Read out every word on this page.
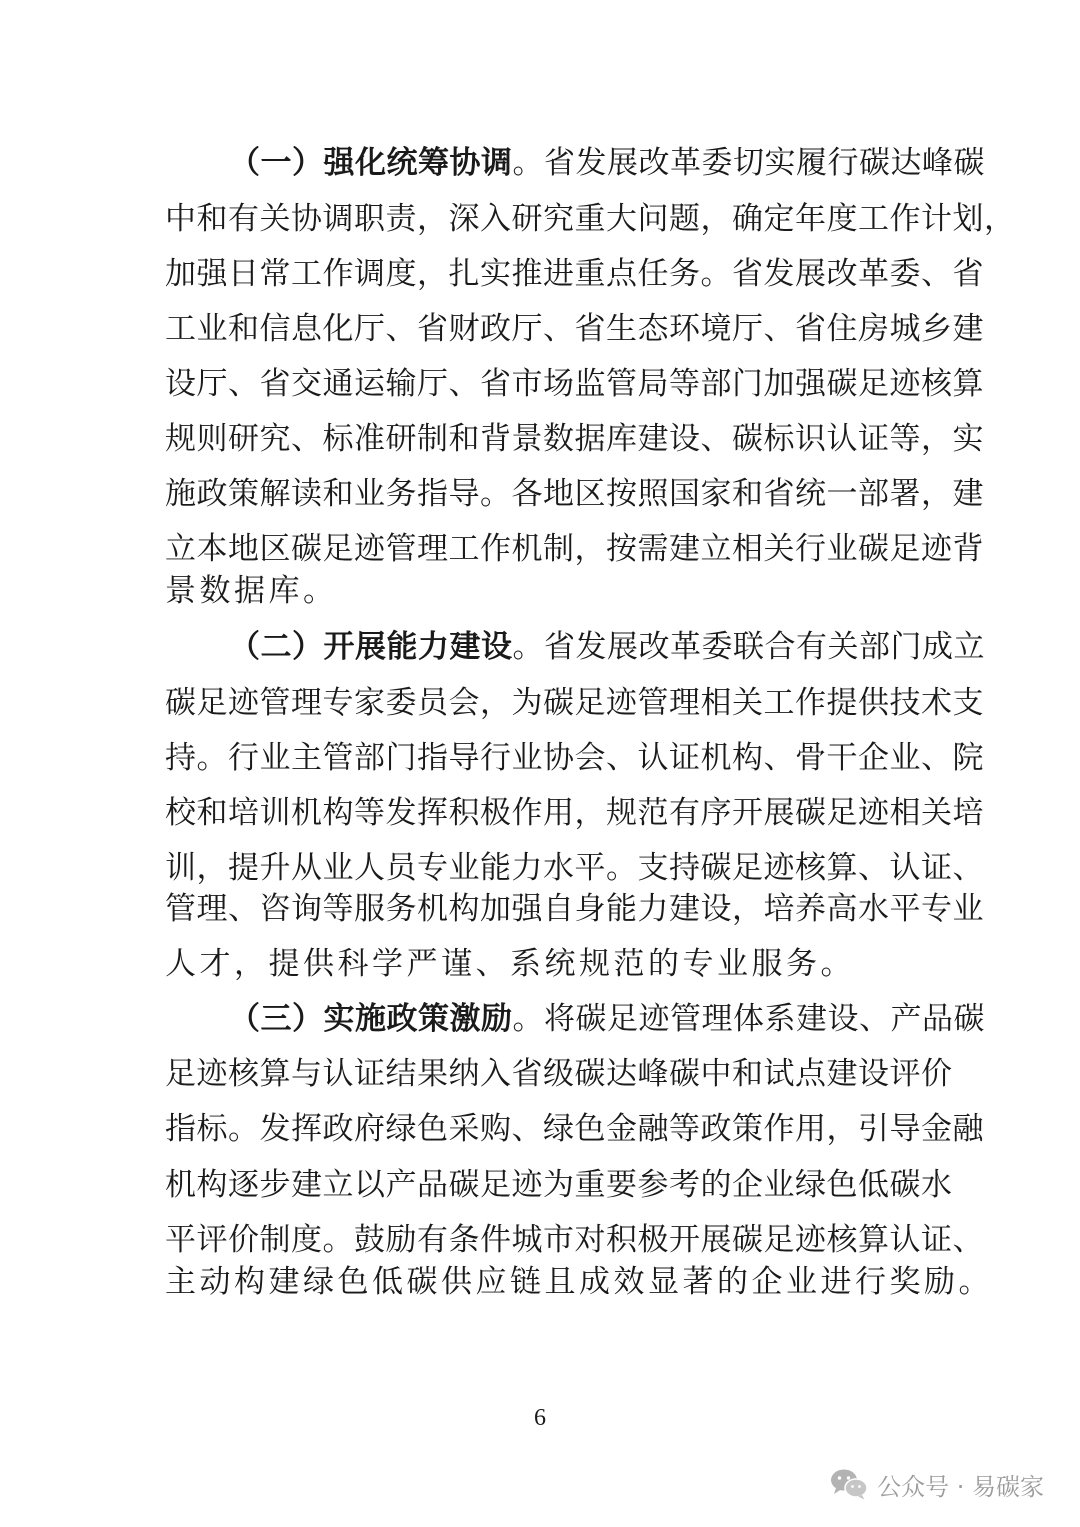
（一）强化统筹协调。省发展改革委切实履行碳达峰碳
中和有关协调职责，深入研究重大问题，确定年度工作计划，
加强日常工作调度，扎实推进重点任务。省发展改革委、省
工业和信息化厅、省财政厅、省生态环境厅、省住房城乡建
设厅、省交通运输厅、省市场监管局等部门加强碳足迹核算
规则研究、标准研制和背景数据库建设、碳标识认证等，实
施政策解读和业务指导。各地区按照国家和省统一部署，建
立本地区碳足迹管理工作机制，按需建立相关行业碳足迹背
景数据库。
（二）开展能力建设。省发展改革委联合有关部门成立
碳足迹管理专家委员会，为碳足迹管理相关工作提供技术支
持。行业主管部门指导行业协会、认证机构、骨干企业、院
校和培训机构等发挥积极作用，规范有序开展碳足迹相关培
训，提升从业人员专业能力水平。支持碳足迹核算、认证、
管理、咨询等服务机构加强自身能力建设，培养高水平专业
人才，提供科学严谨、系统规范的专业服务。
（三）实施政策激励。将碳足迹管理体系建设、产品碳
足迹核算与认证结果纳入省级碳达峰碳中和试点建设评价
指标。发挥政府绿色采购、绿色金融等政策作用，引导金融
机构逐步建立以产品碳足迹为重要参考的企业绿色低碳水
平评价制度。鼓励有条件城市对积极开展碳足迹核算认证、
主动构建绿色低碳供应链且成效显著的企业进行奖励。
6
公众号 · 易碳家
